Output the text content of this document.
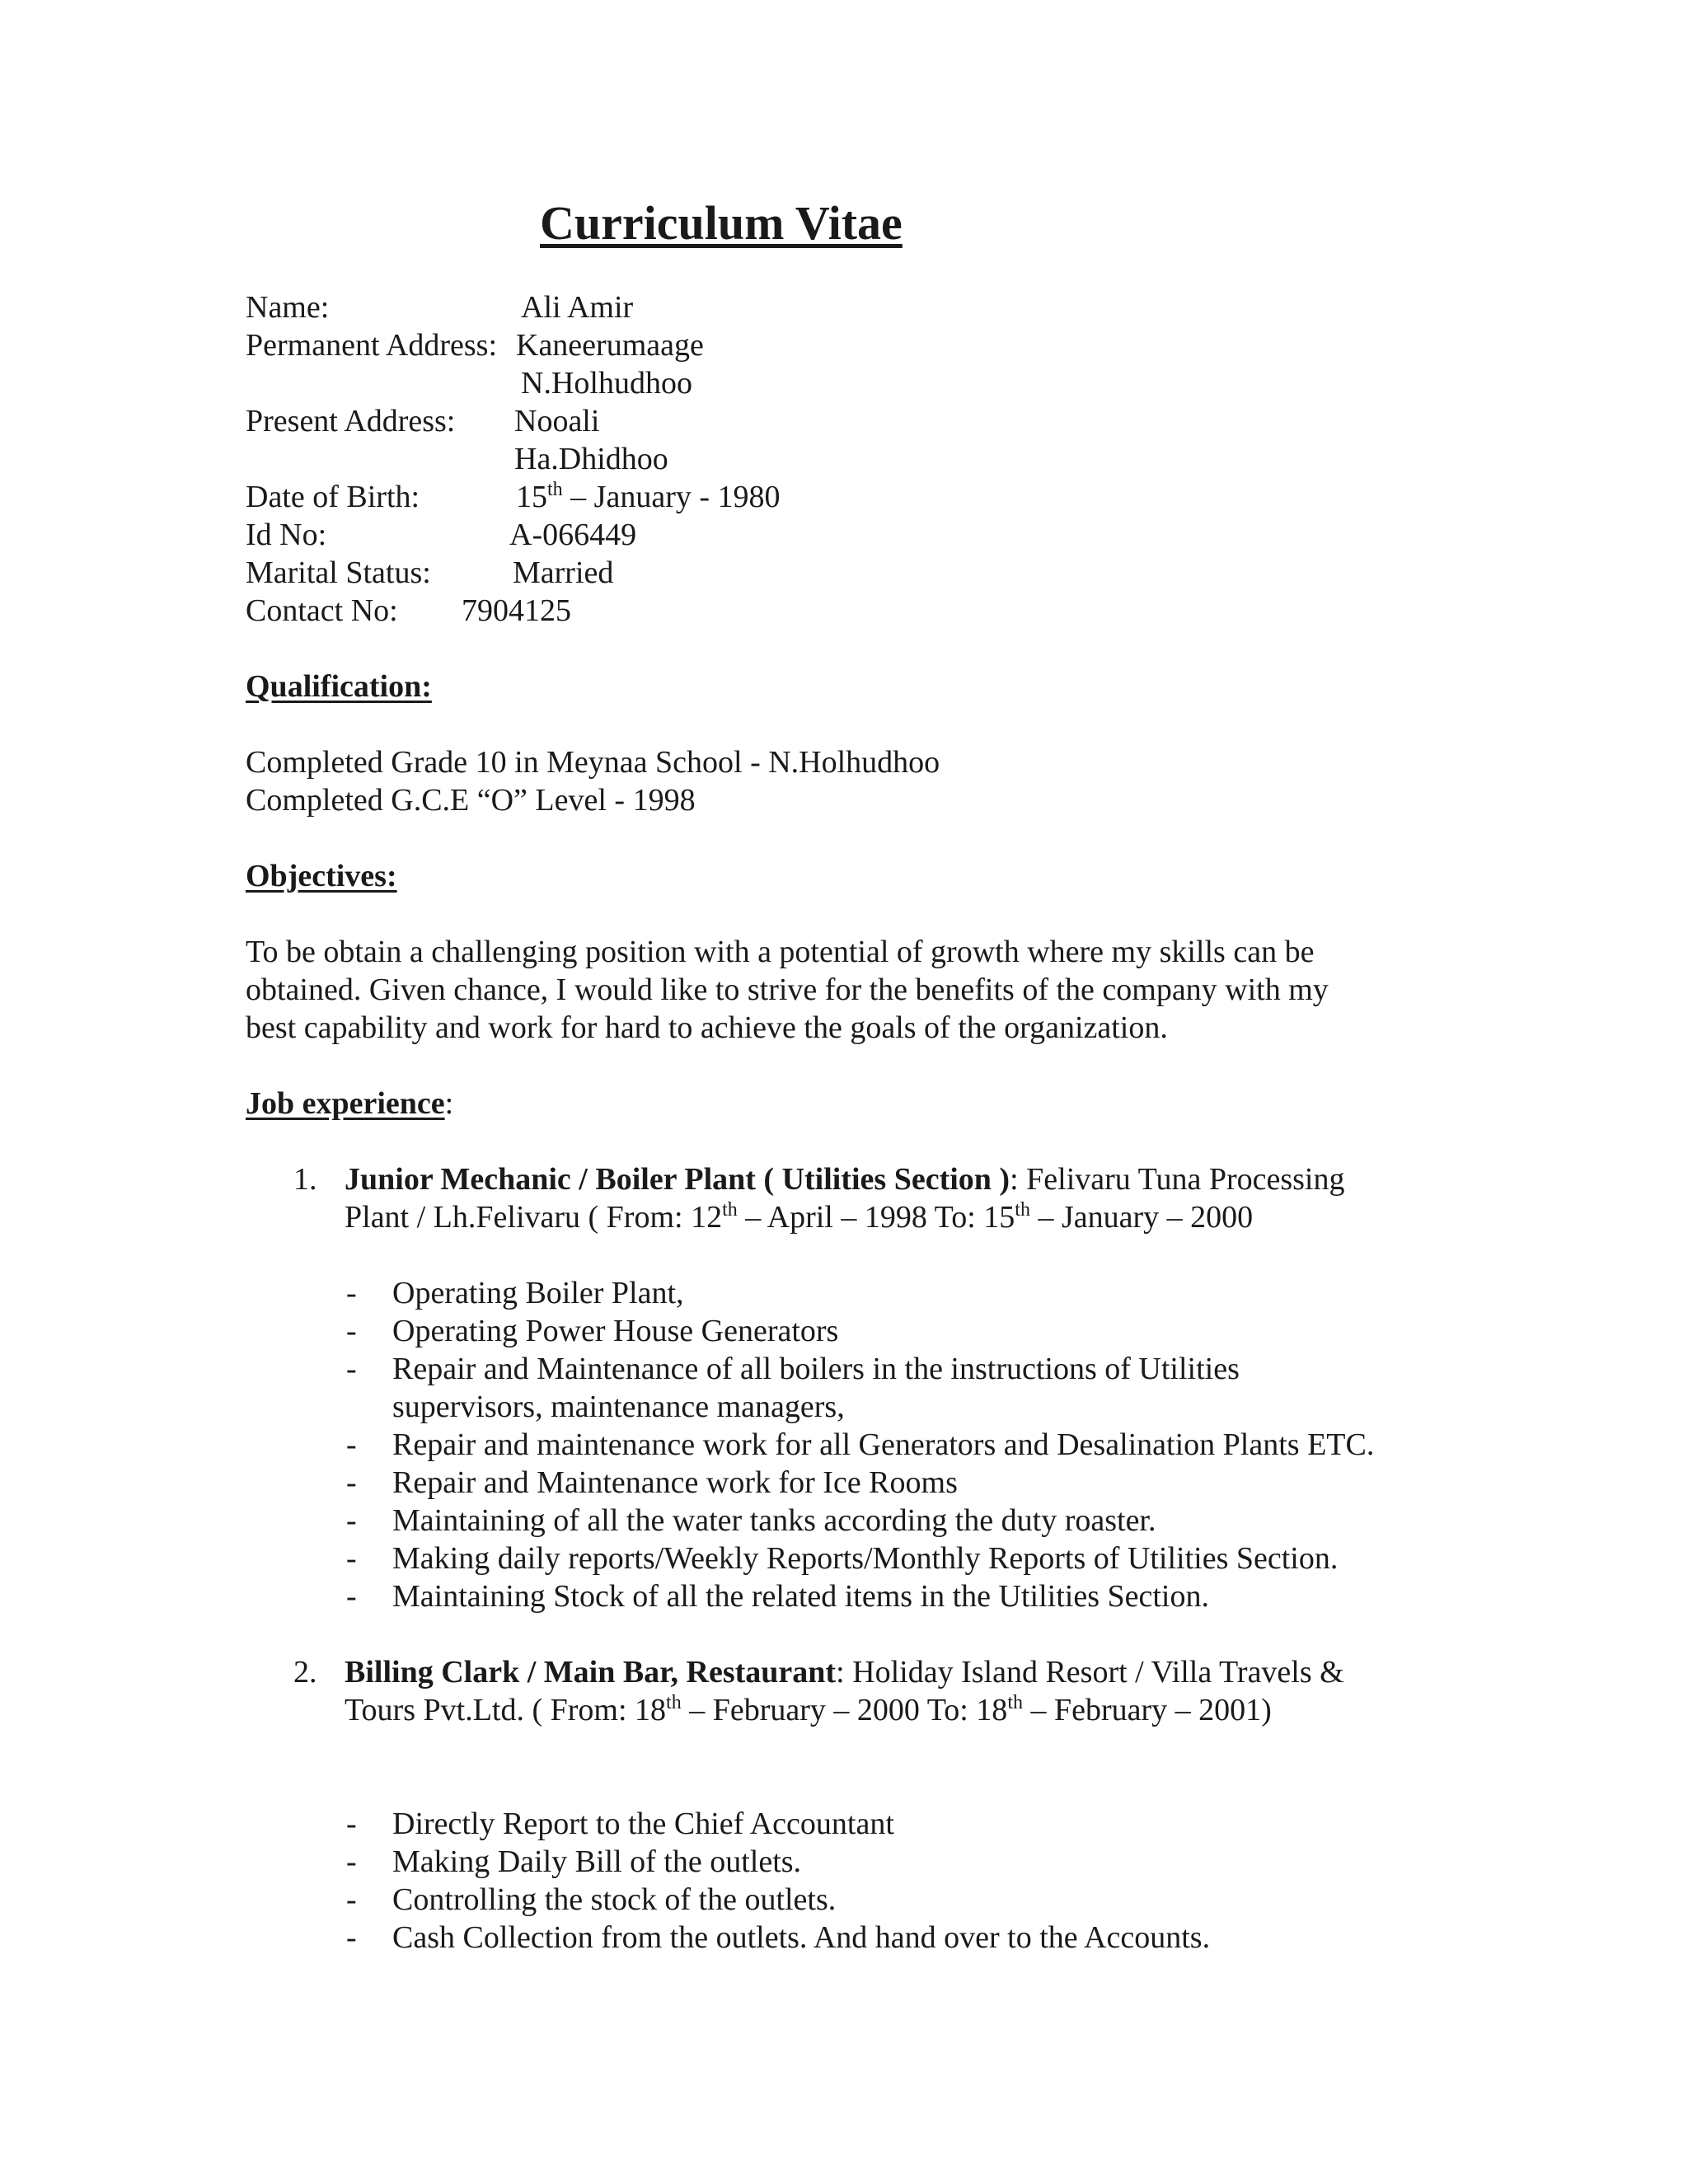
Curriculum Vitae
Name:	Ali Amir
Permanent Address: Kaneerumaage
N.Holhudhoo
Present Address: Nooali
Ha.Dhidhoo
Date of Birth:	15th – January - 1980
Id No:	A-066449
Marital Status:	Married
Contact No: 7904125
Qualification:
Completed Grade 10 in Meynaa School - N.Holhudhoo
Completed G.C.E “O” Level - 1998
Objectives:
To be obtain a challenging position with a potential of growth where my skills can be
obtained. Given chance, I would like to strive for the benefits of the company with my
best capability and work for hard to achieve the goals of the organization.
Job experience:
1. Junior Mechanic / Boiler Plant ( Utilities Section ): Felivaru Tuna Processing
Plant / Lh.Felivaru ( From: 12th – April – 1998 To: 15th – January – 2000
- Operating Boiler Plant,
- Operating Power House Generators
- Repair and Maintenance of all boilers in the instructions of Utilities
supervisors, maintenance managers,
- Repair and maintenance work for all Generators and Desalination Plants ETC.
- Repair and Maintenance work for Ice Rooms
- Maintaining of all the water tanks according the duty roaster.
- Making daily reports/Weekly Reports/Monthly Reports of Utilities Section.
- Maintaining Stock of all the related items in the Utilities Section.
2. Billing Clark / Main Bar, Restaurant: Holiday Island Resort / Villa Travels &
Tours Pvt.Ltd. ( From: 18th – February – 2000 To: 18th – February – 2001)
- Directly Report to the Chief Accountant
- Making Daily Bill of the outlets.
- Controlling the stock of the outlets.
- Cash Collection from the outlets. And hand over to the Accounts.
